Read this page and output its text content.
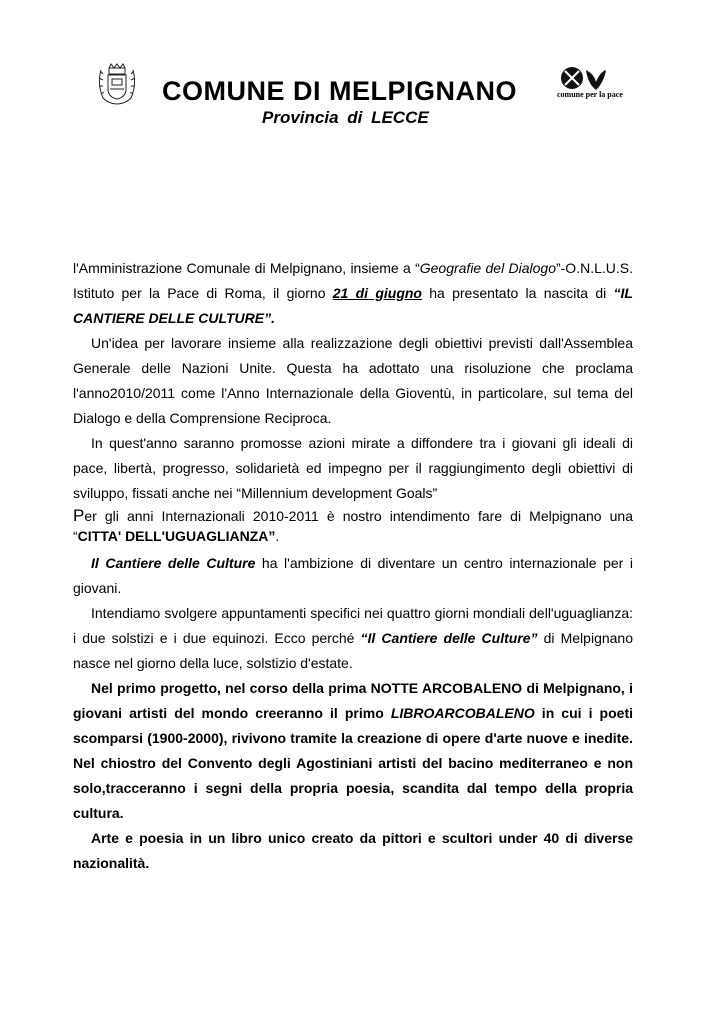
COMUNE DI MELPIGNANO	comune per la pace
Provincia di LECCE

l'Amministrazione Comunale di Melpignano, insieme a “Geografie del Dialogo”-O.N.L.U.S. Istituto per la Pace di Roma, il giorno 21 di giugno ha presentato la nascita di “IL CANTIERE DELLE CULTURE”.

Un'idea per lavorare insieme alla realizzazione degli obiettivi previsti dall'Assemblea Generale delle Nazioni Unite. Questa ha adottato una risoluzione che proclama l'anno2010/2011 come l'Anno Internazionale della Gioventù, in particolare, sul tema del Dialogo e della Comprensione Reciproca.

In quest'anno saranno promosse azioni mirate a diffondere tra i giovani gli ideali di pace, libertà, progresso, solidarietà ed impegno per il raggiungimento degli obiettivi di sviluppo, fissati anche nei “Millennium development Goals”

Per gli anni Internazionali 2010-2011 è nostro intendimento fare di Melpignano una “CITTA' DELL'UGUAGLIANZA”.

Il Cantiere delle Culture ha l'ambizione di diventare un centro internazionale per i giovani.

Intendiamo svolgere appuntamenti specifici nei quattro giorni mondiali dell'uguaglianza: i due solstizi e i due equinozi. Ecco perché “Il Cantiere delle Culture” di Melpignano nasce nel giorno della luce, solstizio d'estate.

Nel primo progetto, nel corso della prima NOTTE ARCOBALENO di Melpignano, i giovani artisti del mondo creeranno il primo LIBROARCOBALENO in cui i poeti scomparsi (1900-2000), rivivono tramite la creazione di opere d'arte nuove e inedite. Nel chiostro del Convento degli Agostiniani artisti del bacino mediterraneo e non solo,tracceranno i segni della propria poesia, scandita dal tempo della propria cultura.

Arte e poesia in un libro unico creato da pittori e scultori under 40 di diverse nazionalità.
